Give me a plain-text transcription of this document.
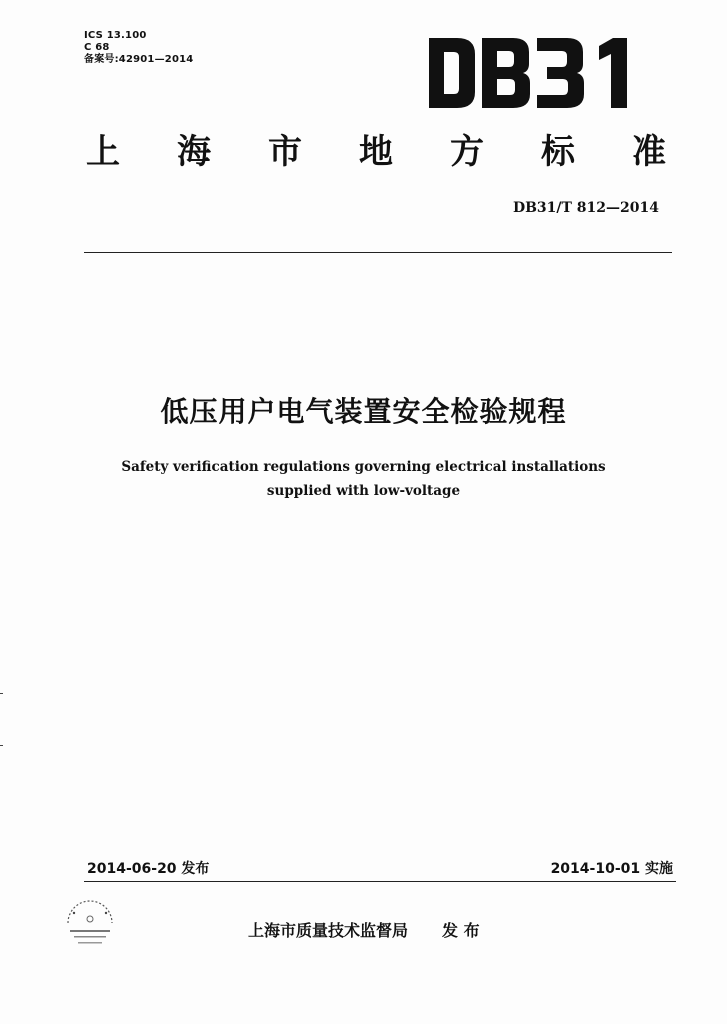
ICS 13.100
C 68
备案号:42901—2014
DB31
上 海 市 地 方 标 准
DB31/T 812—2014
低压用户电气装置安全检验规程
Safety verification regulations governing electrical installations
supplied with low-voltage
2014-06-20 发布	2014-10-01 实施
上海市质量技术监督局 发 布
